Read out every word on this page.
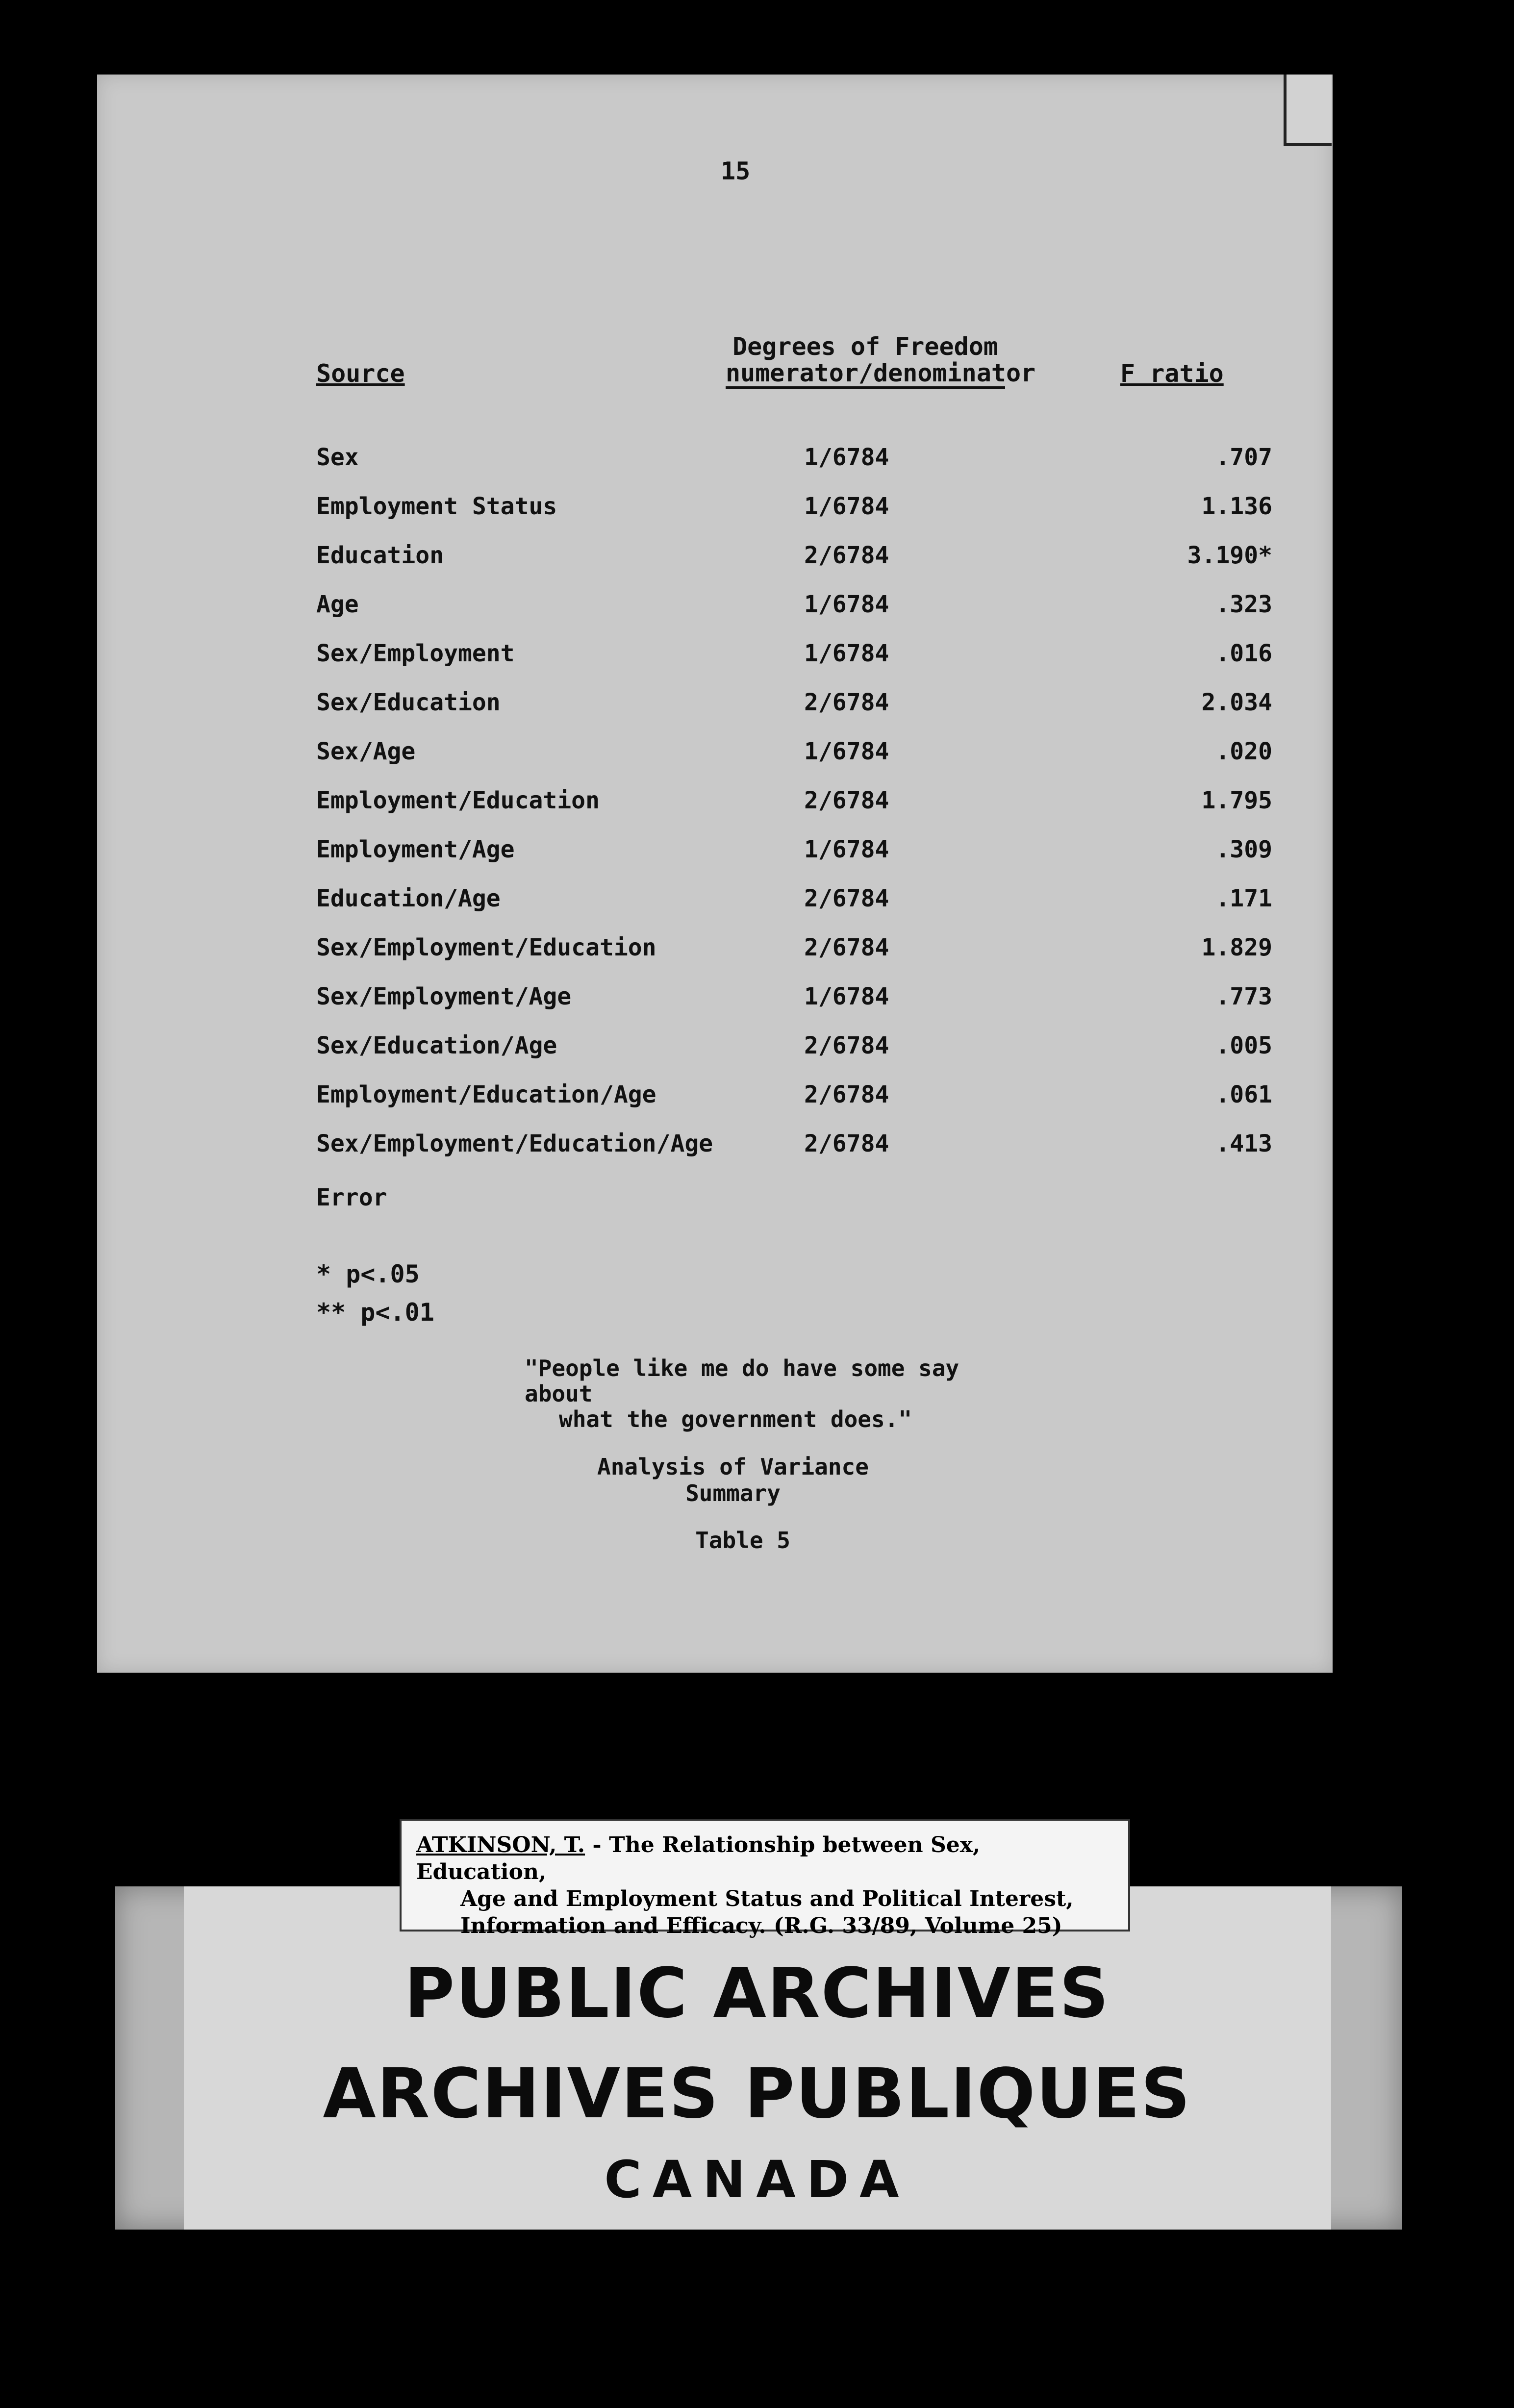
15
Source
Degrees of Freedom
numerator/denominator	F ratio
Sex	1/6784	.707
Employment Status	1/6784	1.136
Education	2/6784	3.190*
Age	1/6784	.323
Sex/Employment	1/6784	.016
Sex/Education	2/6784	2.034
Sex/Age	1/6784	.020
Employment/Education	2/6784	1.795
Employment/Age	1/6784	.309
Education/Age	2/6784	.171
Sex/Employment/Education	2/6784	1.829
Sex/Employment/Age	1/6784	.773
Sex/Education/Age	2/6784	.005
Employment/Education/Age	2/6784	.061
Sex/Employment/Education/Age	2/6784	.413
Error
* p<.05
** p<.01
"People like me do have some say about
what the government does."
Analysis of Variance Summary
Table 5
ATKINSON, T. - The Relationship between Sex, Education,
Age and Employment Status and Political Interest,
Information and Efficacy. (R.G. 33/89, Volume 25)
PUBLIC ARCHIVES
ARCHIVES PUBLIQUES
CANADA
